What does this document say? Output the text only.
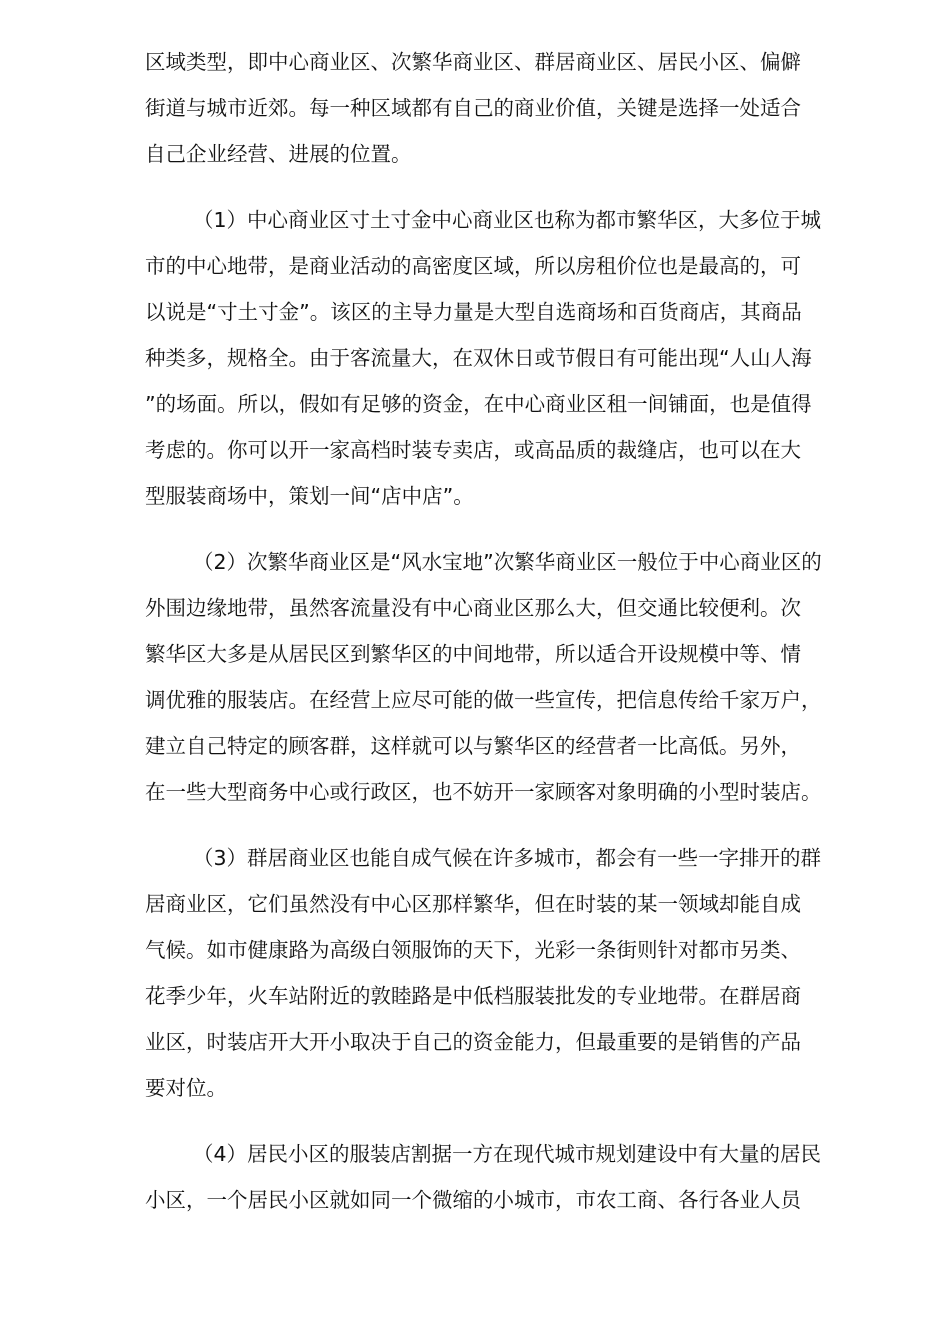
区域类型，即中心商业区、次繁华商业区、群居商业区、居民小区、偏僻
街道与城市近郊。每一种区域都有自己的商业价值，关键是选择一处适合
自己企业经营、进展的位置。

（1）中心商业区寸土寸金中心商业区也称为都市繁华区，大多位于城
市的中心地带，是商业活动的高密度区域，所以房租价位也是最高的，可
以说是“寸土寸金”。该区的主导力量是大型自选商场和百货商店，其商品
种类多，规格全。由于客流量大，在双休日或节假日有可能出现“人山人海
”的场面。所以，假如有足够的资金，在中心商业区租一间铺面，也是值得
考虑的。你可以开一家高档时装专卖店，或高品质的裁缝店，也可以在大
型服装商场中，策划一间“店中店”。

（2）次繁华商业区是“风水宝地”次繁华商业区一般位于中心商业区的
外围边缘地带，虽然客流量没有中心商业区那么大，但交通比较便利。次
繁华区大多是从居民区到繁华区的中间地带，所以适合开设规模中等、情
调优雅的服装店。在经营上应尽可能的做一些宣传，把信息传给千家万户，
建立自己特定的顾客群，这样就可以与繁华区的经营者一比高低。另外，
在一些大型商务中心或行政区，也不妨开一家顾客对象明确的小型时装店。

（3）群居商业区也能自成气候在许多城市，都会有一些一字排开的群
居商业区，它们虽然没有中心区那样繁华，但在时装的某一领域却能自成
气候。如市健康路为高级白领服饰的天下，光彩一条街则针对都市另类、
花季少年，火车站附近的敦睦路是中低档服装批发的专业地带。在群居商
业区，时装店开大开小取决于自己的资金能力，但最重要的是销售的产品
要对位。

（4）居民小区的服装店割据一方在现代城市规划建设中有大量的居民
小区，一个居民小区就如同一个微缩的小城市，市农工商、各行各业人员
